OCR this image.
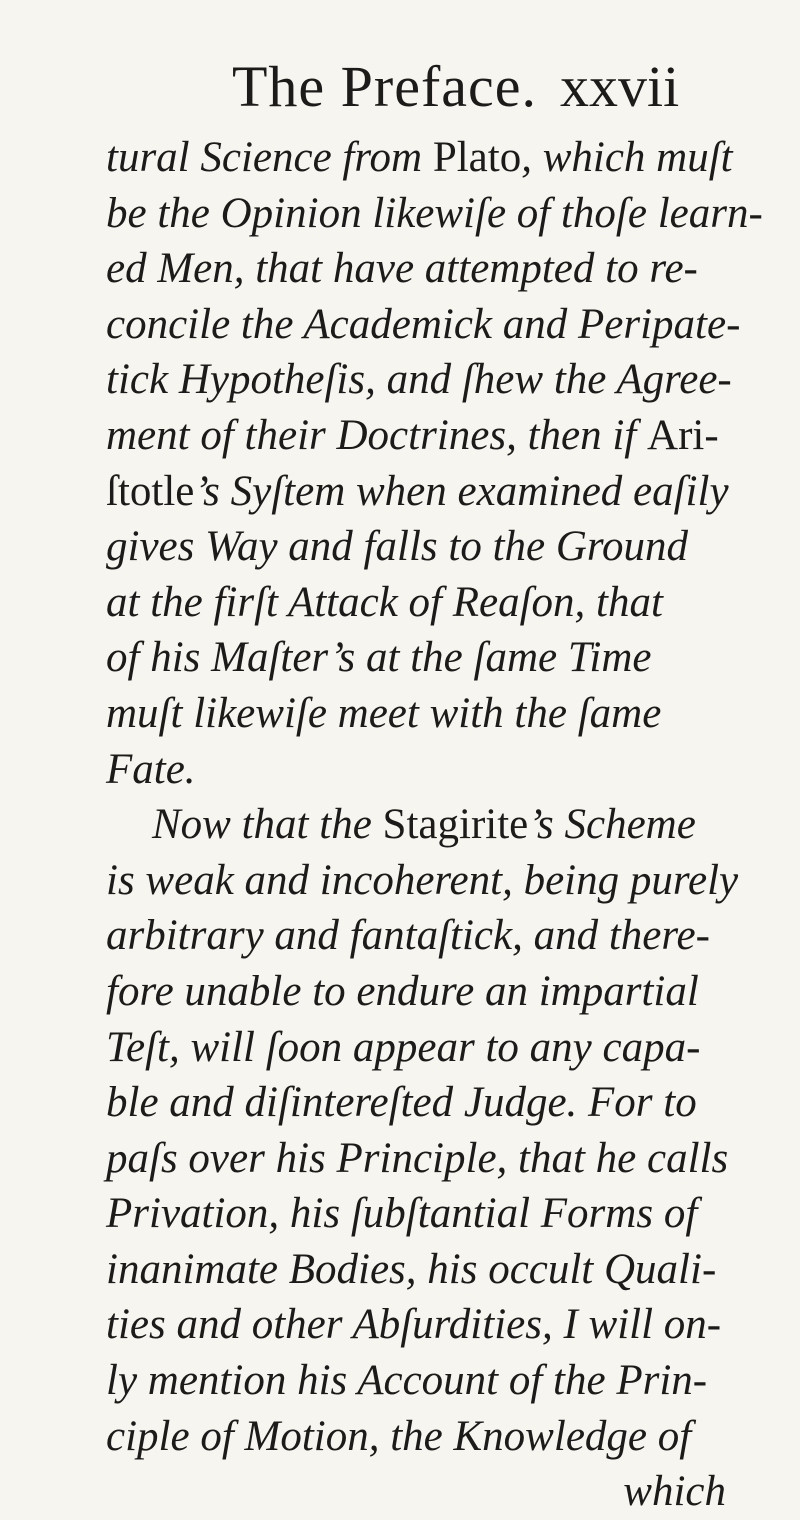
The Preface. xxvii
tural Science from Plato, which muſt
be the Opinion likewiſe of thoſe learn-
ed Men, that have attempted to re-
concile the Academick and Peripate-
tick Hypotheſis, and ſhew the Agree-
ment of their Doctrines, then if Ari-
ſtotle’s Syſtem when examined eaſily
gives Way and falls to the Ground
at the firſt Attack of Reaſon, that
of his Maſter’s at the ſame Time
muſt likewiſe meet with the ſame
Fate.
Now that the Stagirite’s Scheme
is weak and incoherent, being purely
arbitrary and fantaſtick, and there-
fore unable to endure an impartial
Teſt, will ſoon appear to any capa-
ble and diſintereſted Judge. For to
paſs over his Principle, that he calls
Privation, his ſubſtantial Forms of
inanimate Bodies, his occult Quali-
ties and other Abſurdities, I will on-
ly mention his Account of the Prin-
ciple of Motion, the Knowledge of
which
